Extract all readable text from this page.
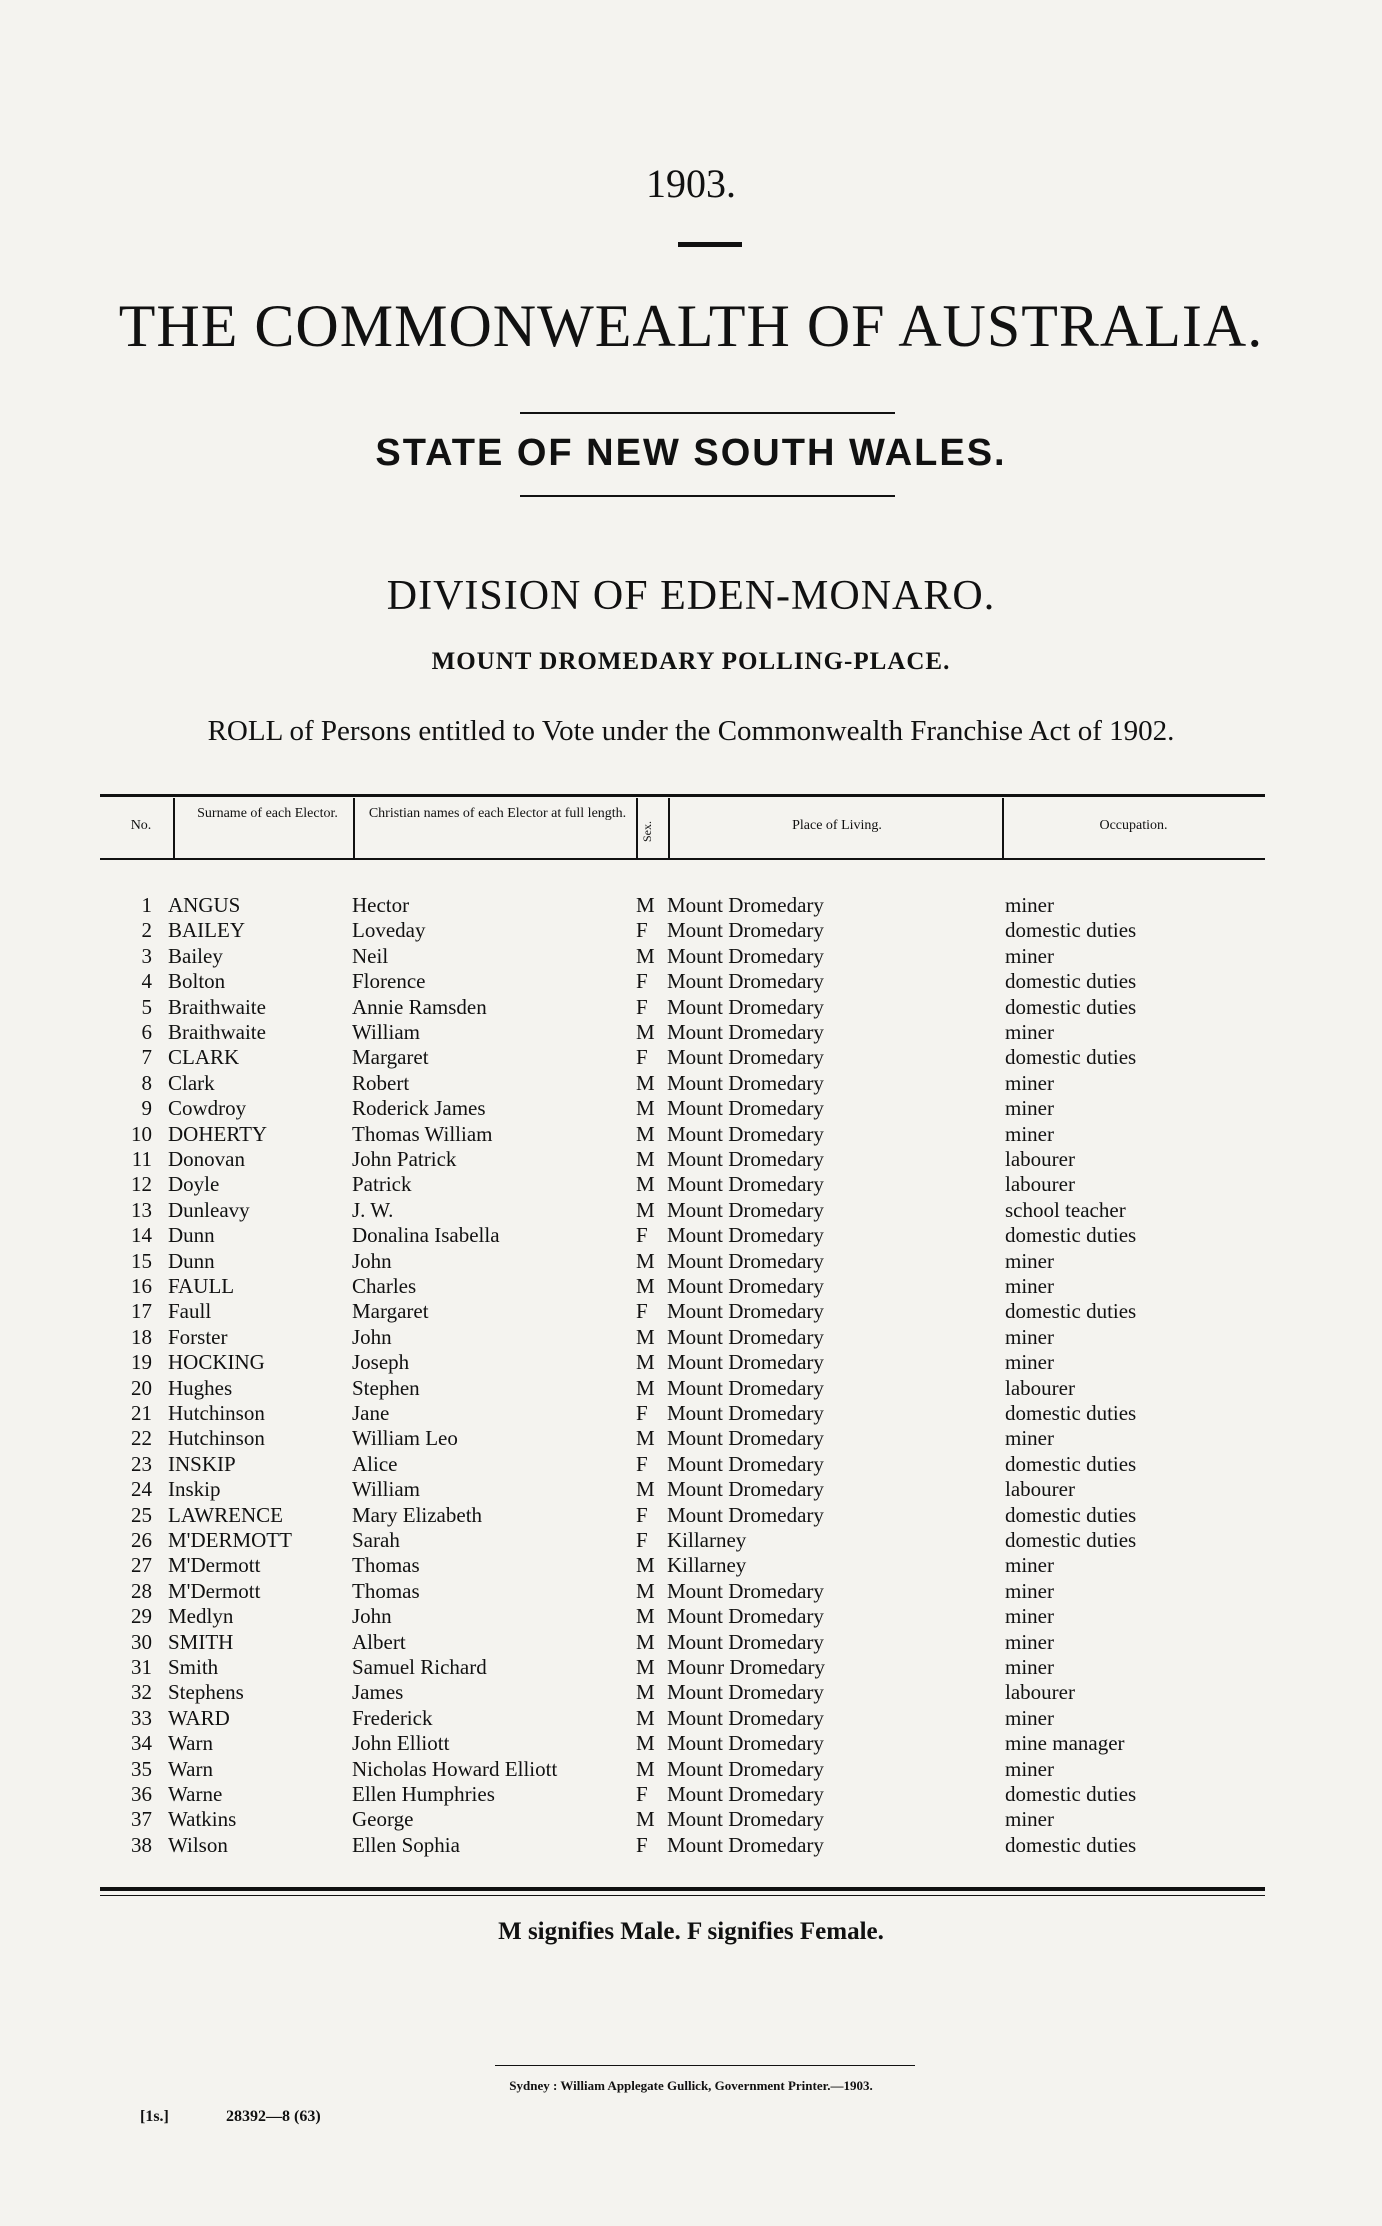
1903.
THE COMMONWEALTH OF AUSTRALIA.
STATE OF NEW SOUTH WALES.
DIVISION OF EDEN-MONARO.
MOUNT DROMEDARY POLLING-PLACE.
ROLL of Persons entitled to Vote under the Commonwealth Franchise Act of 1902.
No.
Surname of each Elector.	Christian names of each Elector at full length.
Sex.	Place of Living.	Occupation.
1 ANGUS	Hector	M Mount Dromedary	miner
2 BAILEY	Loveday	F Mount Dromedary	domestic duties
3 Bailey	Neil	M Mount Dromedary	miner
4 Bolton	Florence	F Mount Dromedary	domestic duties
5 Braithwaite	Annie Ramsden	F Mount Dromedary	domestic duties
6 Braithwaite	William	M Mount Dromedary	miner
7 CLARK	Margaret	F Mount Dromedary	domestic duties
8 Clark	Robert	M Mount Dromedary	miner
9 Cowdroy	Roderick James	M Mount Dromedary	miner
10 DOHERTY	Thomas William	M Mount Dromedary	miner
11 Donovan	John Patrick	M Mount Dromedary	labourer
12 Doyle	Patrick	M Mount Dromedary	labourer
13 Dunleavy	J. W.	M Mount Dromedary	school teacher
14 Dunn	Donalina Isabella	F Mount Dromedary	domestic duties
15 Dunn	John	M Mount Dromedary	miner
16 FAULL	Charles	M Mount Dromedary	miner
17 Faull	Margaret	F Mount Dromedary	domestic duties
18 Forster	John	M Mount Dromedary	miner
19 HOCKING	Joseph	M Mount Dromedary	miner
20 Hughes	Stephen	M Mount Dromedary	labourer
21 Hutchinson	Jane	F Mount Dromedary	domestic duties
22 Hutchinson	William Leo	M Mount Dromedary	miner
23 INSKIP	Alice	F Mount Dromedary	domestic duties
24 Inskip	William	M Mount Dromedary	labourer
25 LAWRENCE	Mary Elizabeth	F Mount Dromedary	domestic duties
26 M'DERMOTT	Sarah	F Killarney	domestic duties
27 M'Dermott	Thomas	M Killarney	miner
28 M'Dermott	Thomas	M Mount Dromedary	miner
29 Medlyn	John	M Mount Dromedary	miner
30 SMITH	Albert	M Mount Dromedary	miner
31 Smith	Samuel Richard	M Mounr Dromedary	miner
32 Stephens	James	M Mount Dromedary	labourer
33 WARD	Frederick	M Mount Dromedary	miner
34 Warn	John Elliott	M Mount Dromedary	mine manager
35 Warn	Nicholas Howard Elliott	M Mount Dromedary	miner
36 Warne	Ellen Humphries	F Mount Dromedary	domestic duties
37 Watkins	George	M Mount Dromedary	miner
38 Wilson	Ellen Sophia	F Mount Dromedary	domestic duties
M signifies Male. F signifies Female.
Sydney : William Applegate Gullick, Government Printer.—1903.
[1s.]	28392—8 (63)
